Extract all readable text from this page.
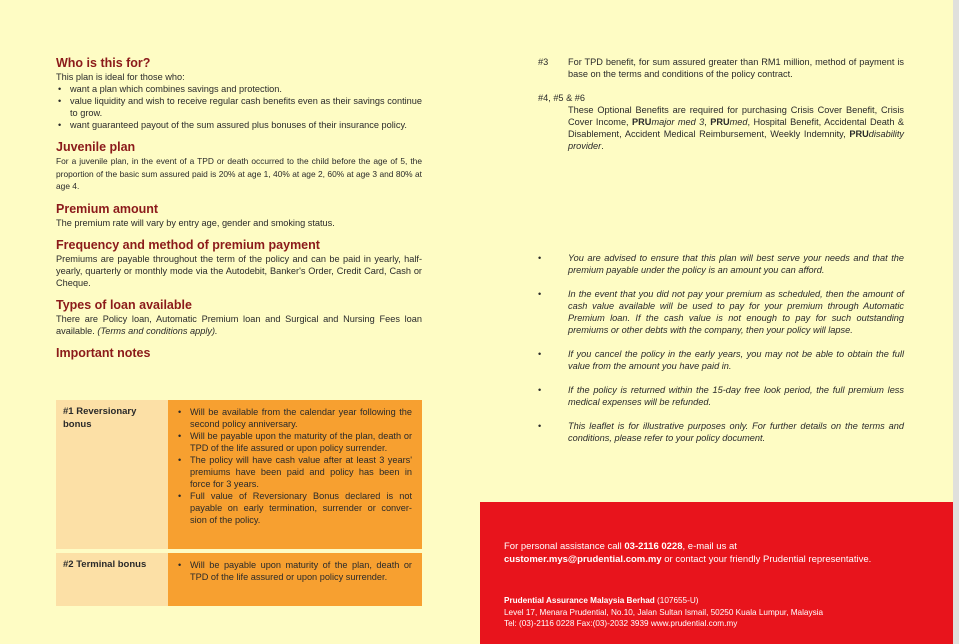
Who is this for?
This plan is ideal for those who:
• want a plan which combines savings and protection.
• value liquidity and wish to receive regular cash benefits even as their savings continue to grow.
• want guaranteed payout of the sum assured plus bonuses of their insurance policy.
Juvenile plan
For a juvenile plan, in the event of a TPD or death occurred to the child before the age of 5, the proportion of the basic sum assured paid is 20% at age 1, 40% at age 2, 60% at age 3 and 80% at age 4.
Premium amount
The premium rate will vary by entry age, gender and smoking status.
Frequency and method of premium payment
Premiums are payable throughout the term of the policy and can be paid in yearly, half-yearly, quarterly or monthly mode via the Autodebit, Banker's Order, Credit Card, Cash or Cheque.
Types of loan available
There are Policy loan, Automatic Premium loan and Surgical and Nursing Fees loan available. (Terms and conditions apply).
Important notes
#1 Reversionary bonus
• Will be available from the calendar year following the second policy anniversary.
• Will be payable upon the maturity of the plan, death or TPD of the life assured or upon policy surrender.
• The policy will have cash value after at least 3 years' premiums have been paid and policy has been in force for 3 years.
• Full value of Reversionary Bonus declared is not payable on early termination, surrender or conver- sion of the policy.
#2 Terminal bonus
•	Will be payable upon maturity of the plan, death or TPD of the life assured or upon policy surrender.
#3	For TPD benefit, for sum assured greater than RM1 million, method of payment is base on the terms and conditions of the policy contract.
#4, #5 & #6
These Optional Benefits are required for purchasing Crisis Cover Benefit, Crisis Cover Income, PRUmajor med 3, PRUmed, Hospital Benefit, Accidental Death & Disablement, Accident Medical Reimbursement, Weekly Indemnity, PRUdisability provider.
•	You are advised to ensure that this plan will best serve your needs and that the premium payable under the policy is an amount you can afford.
•	In the event that you did not pay your premium as scheduled, then the amount of cash value available will be used to pay for your premium through Automatic Premium loan. If the cash value is not enough to pay for such outstanding premiums or other debts with the company, then your policy will lapse.
•	If you cancel the policy in the early years, you may not be able to obtain the full value from the amount you have paid in.
•	If the policy is returned within the 15-day free look period, the full premium less medical expenses will be refunded.
•	This leaflet is for illustrative purposes only. For further details on the terms and conditions, please refer to your policy document.
For personal assistance call 03-2116 0228, e-mail us at
customer.mys@prudential.com.my or contact your friendly Prudential representative.
Prudential Assurance Malaysia Berhad (107655-U)
Level 17, Menara Prudential, No.10, Jalan Sultan Ismail, 50250 Kuala Lumpur, Malaysia
Tel: (03)-2116 0228 Fax:(03)-2032 3939 www.prudential.com.my
